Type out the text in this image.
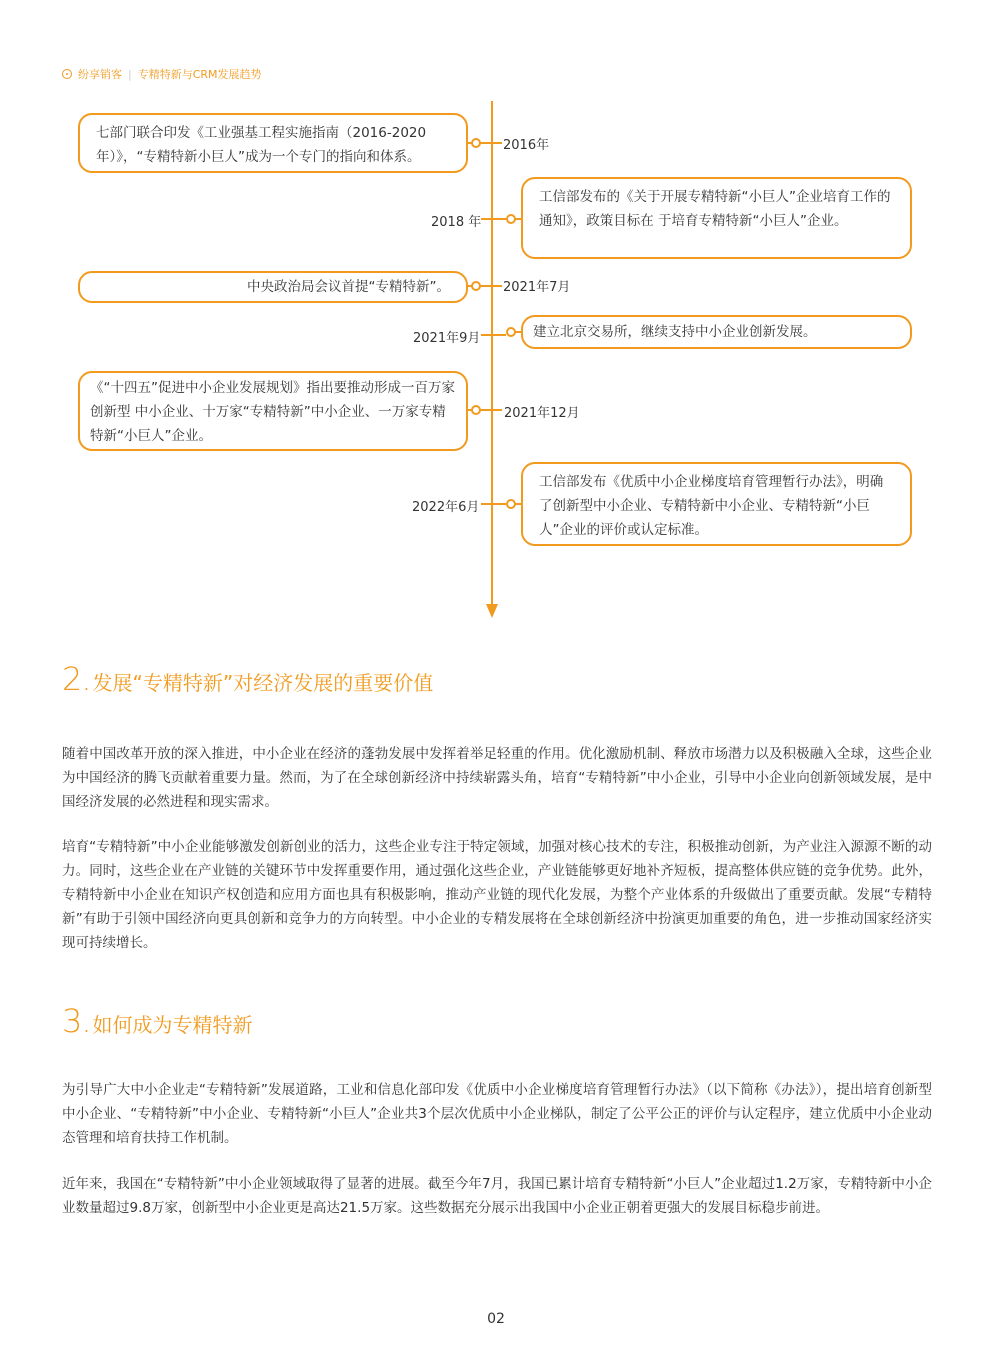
纷享销客 | 专精特新与CRM发展趋势
七部门联合印发《工业强基工程实施指南（2016-2020年）》，“专精特新小巨人”成为一个专门的指向和体系。
2016年
2018 年
工信部发布的《关于开展专精特新“小巨人”企业培育工作的通知》，政策目标在 于培育专精特新“小巨人”企业。
中央政治局会议首提“专精特新”。	2021年7月
2021年9月	建立北京交易所，继续支持中小企业创新发展。
《“十四五”促进中小企业发展规划》指出要推动形成一百万家创新型 中小企业、十万家“专精特新”中小企业、一万家专精特新“小巨人”企业。
2021年12月
2022年6月
工信部发布《优质中小企业梯度培育管理暂行办法》，明确了创新型中小企业、专精特新中小企业、专精特新“小巨人”企业的评价或认定标准。
2. 发展“专精特新”对经济发展的重要价值
随着中国改革开放的深入推进，中小企业在经济的蓬勃发展中发挥着举足轻重的作用。优化激励机制、释放市场潜力以及积极融入全球，这些企业为中国经济的腾飞贡献着重要力量。然而，为了在全球创新经济中持续崭露头角，培育“专精特新”中小企业，引导中小企业向创新领域发展，是中国经济发展的必然进程和现实需求。
培育“专精特新”中小企业能够激发创新创业的活力，这些企业专注于特定领域，加强对核心技术的专注，积极推动创新，为产业注入源源不断的动力。同时，这些企业在产业链的关键环节中发挥重要作用，通过强化这些企业，产业链能够更好地补齐短板，提高整体供应链的竞争优势。此外，专精特新中小企业在知识产权创造和应用方面也具有积极影响，推动产业链的现代化发展，为整个产业体系的升级做出了重要贡献。发展“专精特新”有助于引领中国经济向更具创新和竞争力的方向转型。中小企业的专精发展将在全球创新经济中扮演更加重要的角色，进一步推动国家经济实现可持续增长。
3. 如何成为专精特新
为引导广大中小企业走“专精特新”发展道路，工业和信息化部印发《优质中小企业梯度培育管理暂行办法》（以下简称《办法》），提出培育创新型中小企业、“专精特新”中小企业、专精特新“小巨人”企业共3个层次优质中小企业梯队，制定了公平公正的评价与认定程序，建立优质中小企业动态管理和培育扶持工作机制。
近年来，我国在“专精特新”中小企业领域取得了显著的进展。截至今年7月，我国已累计培育专精特新“小巨人”企业超过1.2万家，专精特新中小企业数量超过9.8万家，创新型中小企业更是高达21.5万家。这些数据充分展示出我国中小企业正朝着更强大的发展目标稳步前进。
02
